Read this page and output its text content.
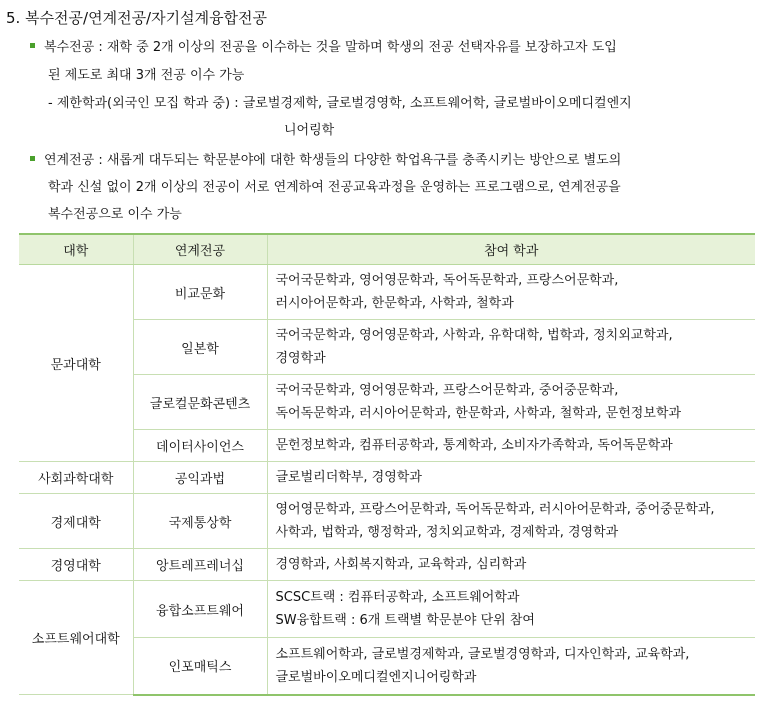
5. 복수전공/연계전공/자기설계융합전공
복수전공 : 재학 중 2개 이상의 전공을 이수하는 것을 말하며 학생의 전공 선택자유를 보장하고자 도입
된 제도로 최대 3개 전공 이수 가능
- 제한학과(외국인 모집 학과 중) : 글로벌경제학, 글로벌경영학, 소프트웨어학, 글로벌바이오메디컬엔지
니어링학
연계전공 : 새롭게 대두되는 학문분야에 대한 학생들의 다양한 학업욕구를 충족시키는 방안으로 별도의
학과 신설 없이 2개 이상의 전공이 서로 연계하여 전공교육과정을 운영하는 프로그램으로, 연계전공을
복수전공으로 이수 가능
대학	연계전공	참여 학과
문과대학	비교문화	국어국문학과, 영어영문학과, 독어독문학과, 프랑스어문학과,
러시아어문학과, 한문학과, 사학과, 철학과

	일본학	국어국문학과, 영어영문학과, 사학과, 유학대학, 법학과, 정치외교학과,
경영학과

	글로컬문화콘텐츠	국어국문학과, 영어영문학과, 프랑스어문학과, 중어중문학과,
독어독문학과, 러시아어문학과, 한문학과, 사학과, 철학과, 문헌정보학과

	데이터사이언스	문헌정보학과, 컴퓨터공학과, 통계학과, 소비자가족학과, 독어독문학과

사회과학대학	공익과법	글로벌리더학부, 경영학과

경제대학	국제통상학	영어영문학과, 프랑스어문학과, 독어독문학과, 러시아어문학과, 중어중문학과,
사학과, 법학과, 행정학과, 정치외교학과, 경제학과, 경영학과

경영대학	앙트레프레너십	경영학과, 사회복지학과, 교육학과, 심리학과

소프트웨어대학	융합소프트웨어	SCSC트랙 : 컴퓨터공학과, 소프트웨어학과
SW융합트랙 : 6개 트랙별 학문분야 단위 참여

	인포매틱스	소프트웨어학과, 글로벌경제학과, 글로벌경영학과, 디자인학과, 교육학과,
글로벌바이오메디컬엔지니어링학과
